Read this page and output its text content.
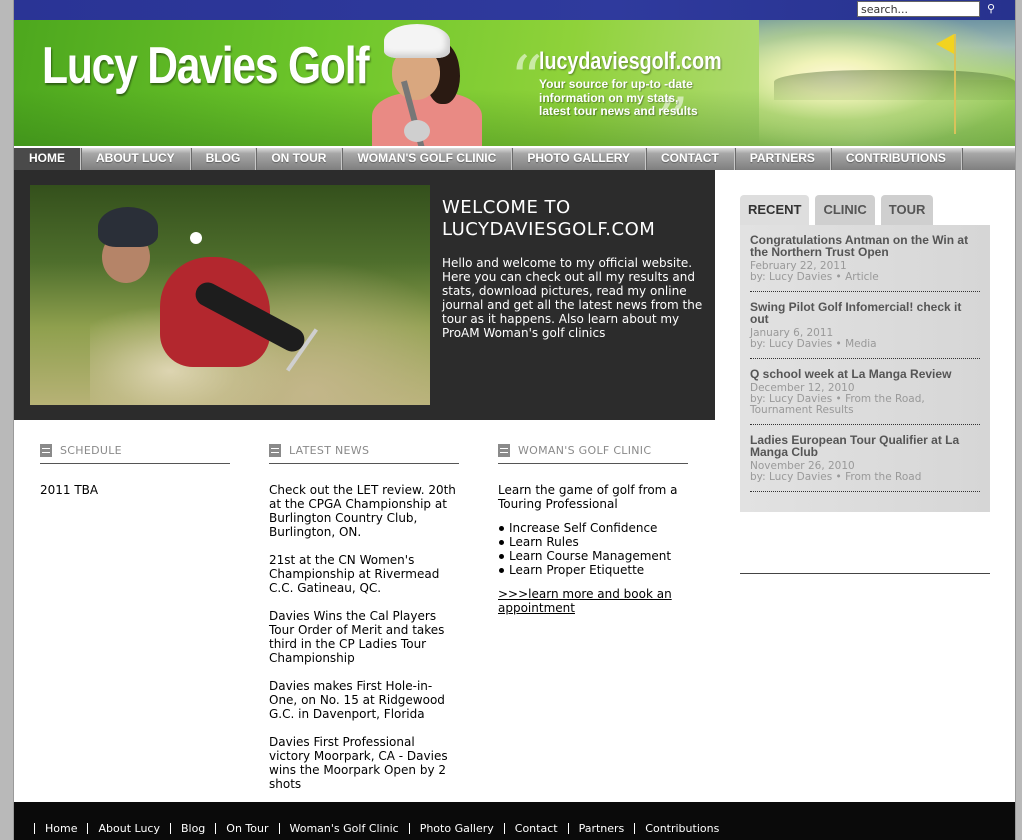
search...
⚲
Lucy Davies Golf “
”
lucydaviesgolf.com
Your source for up-to -date information on my stats, latest tour news and results
HOME	ABOUT LUCY	BLOG	ON TOUR	WOMAN'S GOLF CLINIC	PHOTO GALLERY	CONTACT	PARTNERS	CONTRIBUTIONS
WELCOME TO LUCYDAVIESGOLF.COM
Hello and welcome to my official website. Here you can check out all my results and stats, download pictures, read my online journal and get all the latest news from the tour as it happens. Also learn about my ProAM Woman's golf clinics
SCHEDULE
2011 TBA
LATEST NEWS
Check out the LET review. 20th at the CPGA Championship at Burlington Country Club, Burlington, ON.
21st at the CN Women's Championship at Rivermead C.C. Gatineau, QC.
Davies Wins the Cal Players Tour Order of Merit and takes third in the CP Ladies Tour Championship
Davies makes First Hole-in-One, on No. 15 at Ridgewood G.C. in Davenport, Florida
Davies First Professional victory Moorpark, CA - Davies wins the Moorpark Open by 2 shots
WOMAN'S GOLF CLINIC
Learn the game of golf from a Touring Professional
Increase Self Confidence
Learn Rules
Learn Course Management
Learn Proper Etiquette
>>>learn more and book an appointment
RECENT	CLINIC	TOUR
Congratulations Antman on the Win at the Northern Trust Open
February 22, 2011
by: Lucy Davies • Article
Swing Pilot Golf Infomercial! check it out
January 6, 2011
by: Lucy Davies • Media
Q school week at La Manga Review
December 12, 2010
by: Lucy Davies • From the Road, Tournament Results
Ladies European Tour Qualifier at La Manga Club
November 26, 2010
by: Lucy Davies • From the Road
Home	About Lucy	Blog	On Tour	Woman's Golf Clinic	Photo Gallery	Contact	Partners	Contributions
